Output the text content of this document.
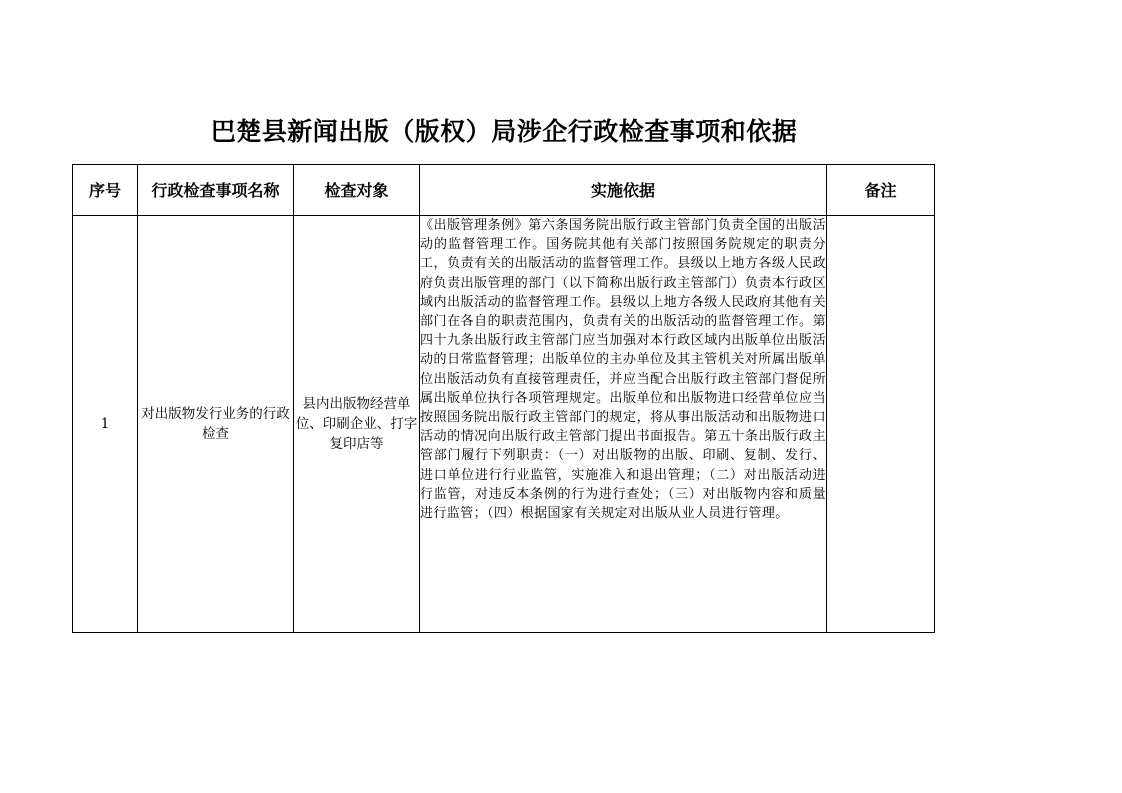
巴楚县新闻出版（版权）局涉企行政检查事项和依据
序号	行政检查事项名称	检查对象	实施依据	备注
1	对出版物发行业务的行政检查	县内出版物经营单位、印刷企业、打字复印店等	《出版管理条例》第六条国务院出版行政主管部门负责全国的出版活动的监督管理工作。国务院其他有关部门按照国务院规定的职责分工，负责有关的出版活动的监督管理工作。县级以上地方各级人民政府负责出版管理的部门（以下简称出版行政主管部门）负责本行政区域内出版活动的监督管理工作。县级以上地方各级人民政府其他有关部门在各自的职责范围内，负责有关的出版活动的监督管理工作。第四十九条出版行政主管部门应当加强对本行政区域内出版单位出版活动的日常监督管理；出版单位的主办单位及其主管机关对所属出版单位出版活动负有直接管理责任，并应当配合出版行政主管部门督促所属出版单位执行各项管理规定。出版单位和出版物进口经营单位应当按照国务院出版行政主管部门的规定，将从事出版活动和出版物进口活动的情况向出版行政主管部门提出书面报告。第五十条出版行政主管部门履行下列职责：（一）对出版物的出版、印刷、复制、发行、进口单位进行行业监管，实施准入和退出管理；（二）对出版活动进行监管，对违反本条例的行为进行查处；（三）对出版物内容和质量进行监管；（四）根据国家有关规定对出版从业人员进行管理。	
